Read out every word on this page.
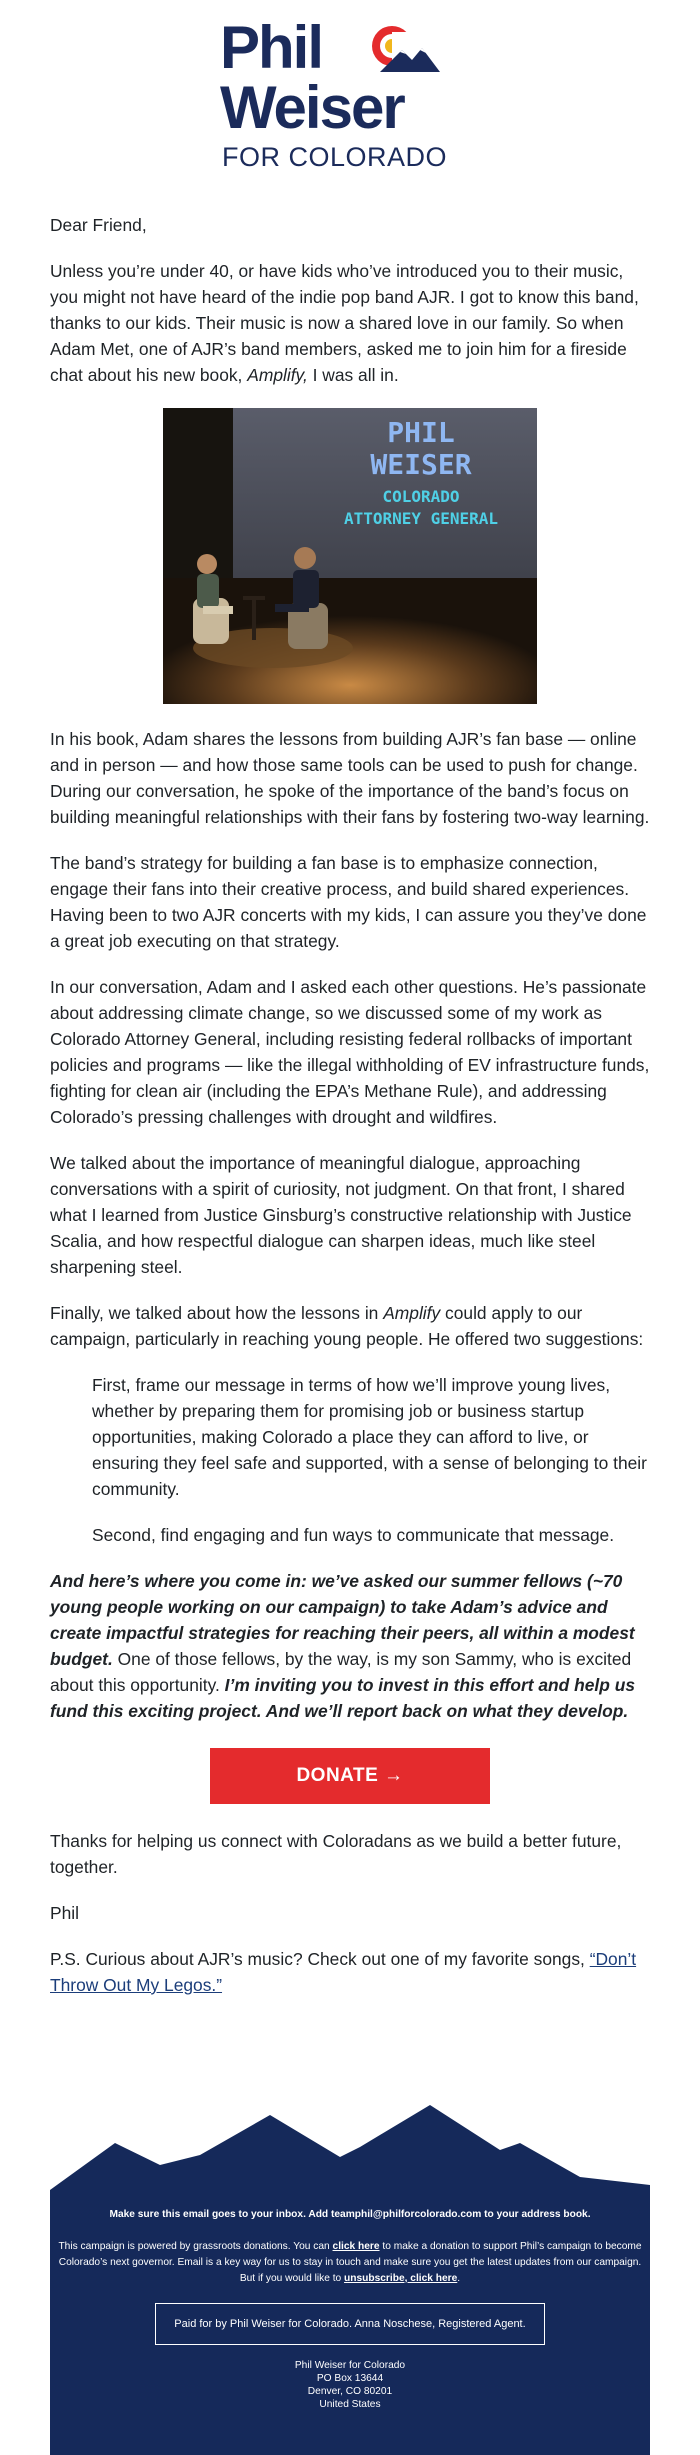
Phil
Weiser
FOR COLORADO

Dear Friend,

Unless you’re under 40, or have kids who’ve introduced you to their music, you might not have heard of the indie pop band AJR. I got to know this band, thanks to our kids. Their music is now a shared love in our family. So when Adam Met, one of AJR’s band members, asked me to join him for a fireside chat about his new book, Amplify, I was all in.

PHIL
WEISER
COLORADO
ATTORNEY GENERAL

In his book, Adam shares the lessons from building AJR’s fan base — online and in person — and how those same tools can be used to push for change. During our conversation, he spoke of the importance of the band’s focus on building meaningful relationships with their fans by fostering two-way learning.

The band’s strategy for building a fan base is to emphasize connection, engage their fans into their creative process, and build shared experiences. Having been to two AJR concerts with my kids, I can assure you they’ve done a great job executing on that strategy.

In our conversation, Adam and I asked each other questions. He’s passionate about addressing climate change, so we discussed some of my work as Colorado Attorney General, including resisting federal rollbacks of important policies and programs — like the illegal withholding of EV infrastructure funds, fighting for clean air (including the EPA’s Methane Rule), and addressing Colorado’s pressing challenges with drought and wildfires.

We talked about the importance of meaningful dialogue, approaching conversations with a spirit of curiosity, not judgment. On that front, I shared what I learned from Justice Ginsburg’s constructive relationship with Justice Scalia, and how respectful dialogue can sharpen ideas, much like steel sharpening steel.

Finally, we talked about how the lessons in Amplify could apply to our campaign, particularly in reaching young people. He offered two suggestions:

First, frame our message in terms of how we’ll improve young lives, whether by preparing them for promising job or business startup opportunities, making Colorado a place they can afford to live, or ensuring they feel safe and supported, with a sense of belonging to their community.

Second, find engaging and fun ways to communicate that message.

And here’s where you come in: we’ve asked our summer fellows (~70 young people working on our campaign) to take Adam’s advice and create impactful strategies for reaching their peers, all within a modest budget. One of those fellows, by the way, is my son Sammy, who is excited about this opportunity. I’m inviting you to invest in this effort and help us fund this exciting project. And we’ll report back on what they develop.

DONATE →

Thanks for helping us connect with Coloradans as we build a better future, together.

Phil

P.S. Curious about AJR’s music? Check out one of my favorite songs, “Don’t Throw Out My Legos.”

Make sure this email goes to your inbox. Add teamphil@philforcolorado.com to your address book.

This campaign is powered by grassroots donations. You can click here to make a donation to support Phil’s campaign to become Colorado’s next governor. Email is a key way for us to stay in touch and make sure you get the latest updates from our campaign. But if you would like to unsubscribe, click here.

Paid for by Phil Weiser for Colorado. Anna Noschese, Registered Agent.
Phil Weiser for Colorado
PO Box 13644
Denver, CO 80201
United States
